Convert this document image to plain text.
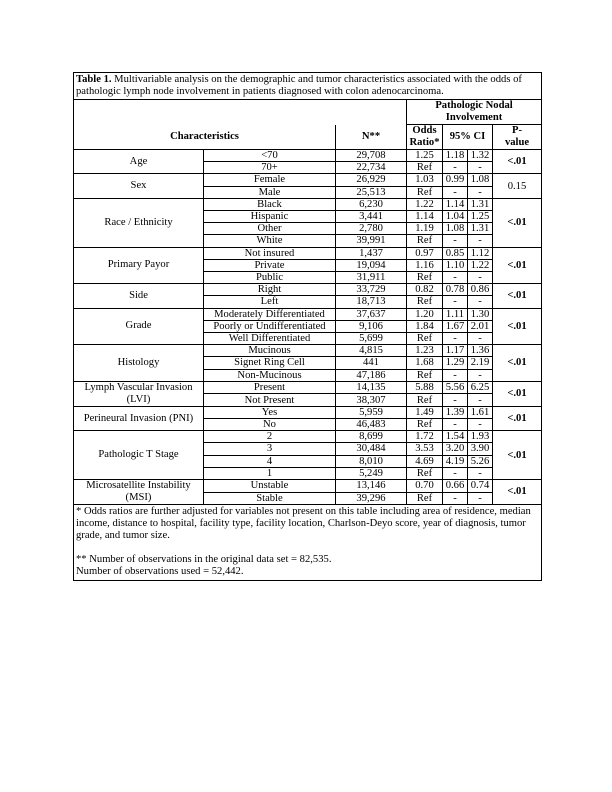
Table 1. Multivariable analysis on the demographic and tumor characteristics associated with the odds of pathologic lymph node involvement in patients diagnosed with colon adenocarcinoma.						
			Pathologic Nodal Involvement			
Characteristics		N**	Odds
Ratio*	95% CI		P-
value
Age	<70	29,708	1.25	1.18	1.32	<.01
	70+	22,734	Ref	-	-	
Sex	Female	26,929	1.03	0.99	1.08	0.15
	Male	25,513	Ref	-	-	
Race / Ethnicity	Black	6,230	1.22	1.14	1.31	<.01
	Hispanic	3,441	1.14	1.04	1.25	
	Other	2,780	1.19	1.08	1.31	
	White	39,991	Ref	-	-	
Primary Payor	Not insured	1,437	0.97	0.85	1.12	<.01
	Private	19,094	1.16	1.10	1.22	
	Public	31,911	Ref	-	-	
Side	Right	33,729	0.82	0.78	0.86	<.01
	Left	18,713	Ref	-	-	
Grade	Moderately Differentiated	37,637	1.20	1.11	1.30	<.01
	Poorly or Undifferentiated	9,106	1.84	1.67	2.01	
	Well Differentiated	5,699	Ref	-	-	
Histology	Mucinous	4,815	1.23	1.17	1.36	<.01
	Signet Ring Cell	441	1.68	1.29	2.19	
	Non-Mucinous	47,186	Ref	-	-	
Lymph Vascular Invasion (LVI)	Present	14,135	5.88	5.56	6.25	<.01
	Not Present	38,307	Ref	-	-	
Perineural Invasion (PNI)	Yes	5,959	1.49	1.39	1.61	<.01
	No	46,483	Ref	-	-	
Pathologic T Stage	2	8,699	1.72	1.54	1.93	<.01
	3	30,484	3.53	3.20	3.90	
	4	8,010	4.69	4.19	5.26	
	1	5,249	Ref	-	-	
Microsatellite Instability (MSI)	Unstable	13,146	0.70	0.66	0.74	<.01
	Stable	39,296	Ref	-	-	

* Odds ratios are further adjusted for variables not present on this table including area of residence, median income, distance to hospital, facility type, facility location, Charlson-Deyo score, year of diagnosis, tumor grade, and tumor size.

** Number of observations in the original data set = 82,535.

Number of observations used = 52,442.						
